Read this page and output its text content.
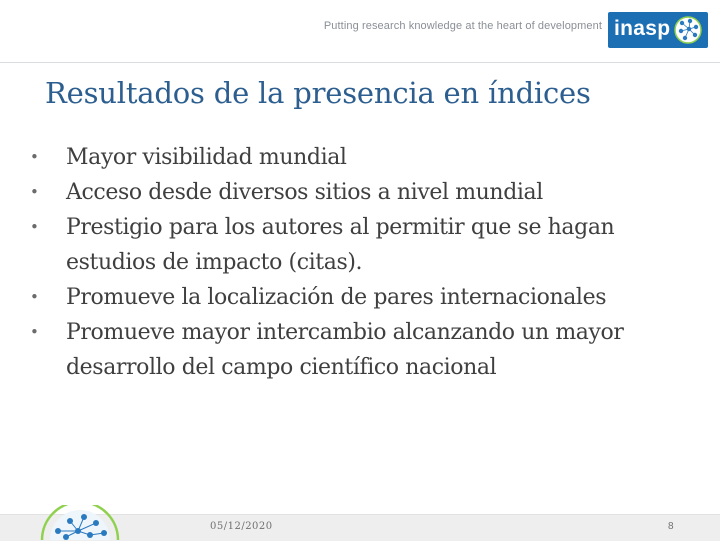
Putting research knowledge at the heart of development inasp
Resultados de la presencia en índices
• Mayor visibilidad mundial
• Acceso desde diversos sitios a nivel mundial
• Prestigio para los autores al permitir que se hagan estudios de impacto (citas).
• Promueve la localización de pares internacionales
• Promueve mayor intercambio alcanzando un mayor desarrollo del campo científico nacional
05/12/2020	8
